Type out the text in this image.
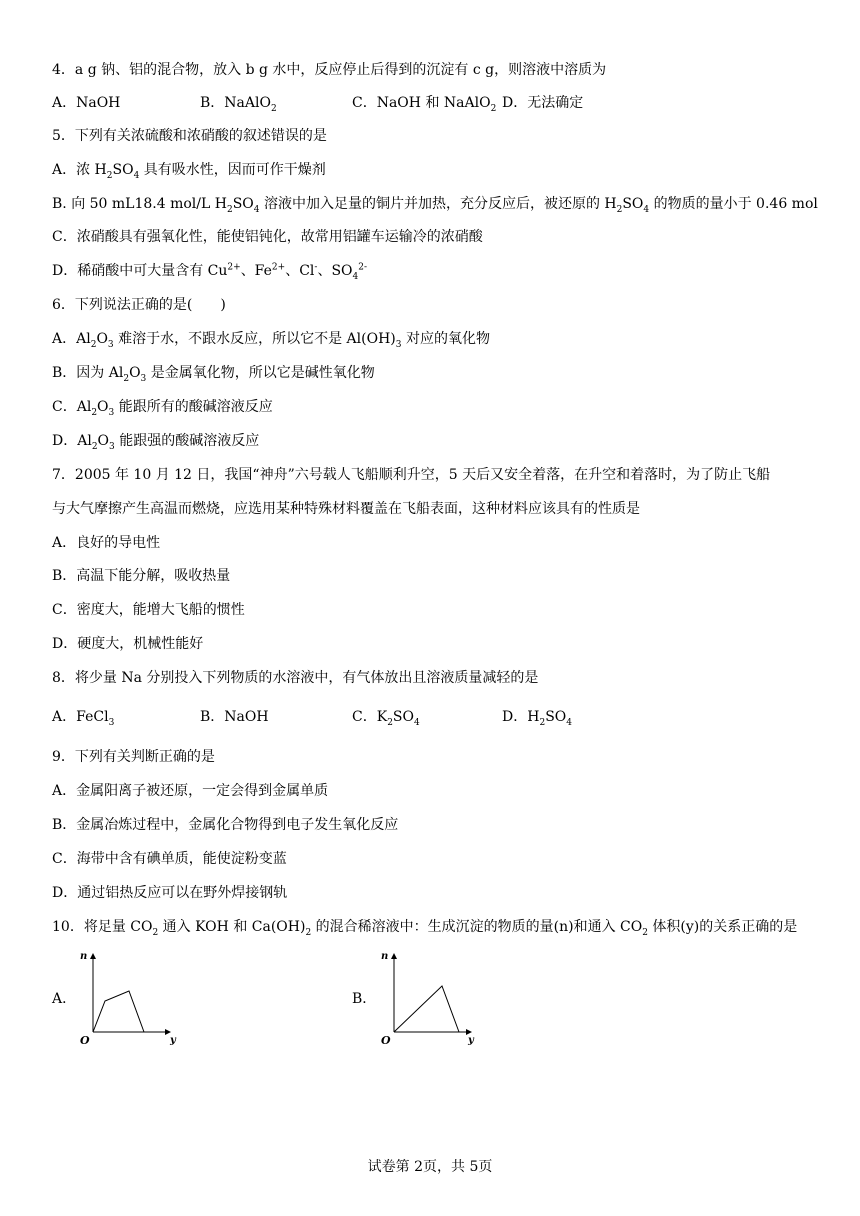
4．a g 钠、铝的混合物，放入 b g 水中，反应停止后得到的沉淀有 c g，则溶液中溶质为
A．NaOH	B．NaAlO$_2$	C．NaOH 和 NaAlO$_2$ D．无法确定
5．下列有关浓硫酸和浓硝酸的叙述错误的是
A．浓 $H_2SO_4$ 具有吸水性，因而可作干燥剂
B. 向 50 mL18.4 mol/L $H_2SO_4$ 溶液中加入足量的铜片并加热，充分反应后，被还原的 $H_2SO_4$ 的物质的量小于 0.46 mol
C．浓硝酸具有强氧化性，能使铝钝化，故常用铝罐车运输冷的浓硝酸
D．稀硝酸中可大量含有 $Cu^{2+}$、$Fe^{2+}$、Cl-、$SO_4^{2-}$
6．下列说法正确的是(　　)
A．$Al_2O_3$ 难溶于水，不跟水反应，所以它不是 $Al(OH)_3$ 对应的氧化物
B．因为 $Al_2O_3$ 是金属氧化物，所以它是碱性氧化物
C．$Al_2O_3$ 能跟所有的酸碱溶液反应
D．$Al_2O_3$ 能跟强的酸碱溶液反应
7．2005 年 10 月 12 日，我国“神舟”六号载人飞船顺利升空，5 天后又安全着落，在升空和着落时，为了防止飞船
与大气摩擦产生高温而燃烧，应选用某种特殊材料覆盖在飞船表面，这种材料应该具有的性质是
A．良好的导电性
B．高温下能分解，吸收热量
C．密度大，能增大飞船的惯性
D．硬度大，机械性能好
8．将少量 Na 分别投入下列物质的水溶液中，有气体放出且溶液质量减轻的是
A．FeCl$_3$	B．NaOH	C．$K_2SO_4$	D．$H_2SO_4$
9．下列有关判断正确的是
A．金属阳离子被还原，一定会得到金属单质
B．金属冶炼过程中，金属化合物得到电子发生氧化反应
C．海带中含有碘单质，能使淀粉变蓝
D．通过铝热反应可以在野外焊接钢轨
10．将足量 $CO_2$ 通入 KOH 和 $Ca(OH)_2$ 的混合稀溶液中：生成沉淀的物质的量(n)和通入 $CO_2$ 体积(y)的关系正确的是
A．
n
y
O
B．
n
y
O
试卷第 2页，共 5页
